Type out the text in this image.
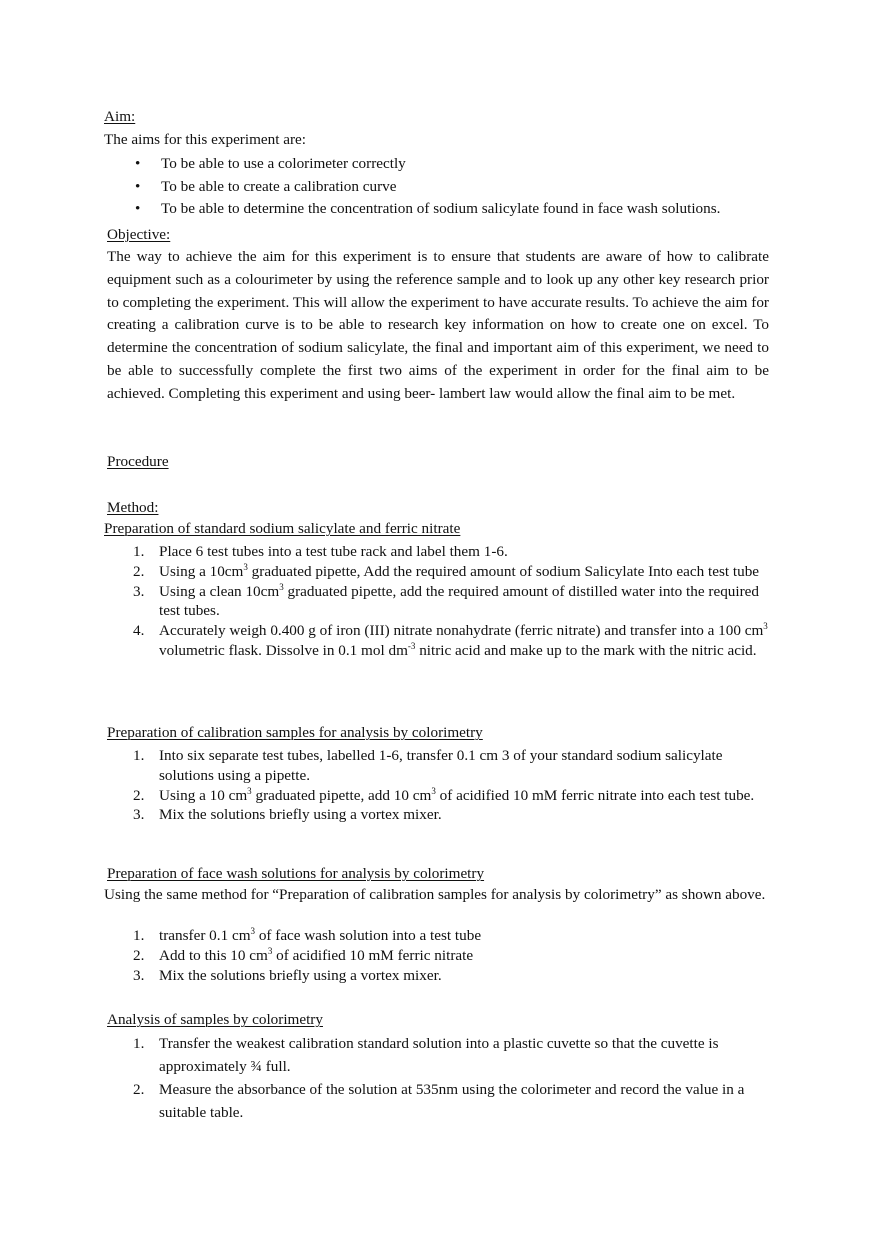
Aim:
The aims for this experiment are:
• To be able to use a colorimeter correctly
• To be able to create a calibration curve
• To be able to determine the concentration of sodium salicylate found in face wash solutions.
Objective:

The way to achieve the aim for this experiment is to ensure that students are aware of how to calibrate equipment such as a colourimeter by using the reference sample and to look up any other key research prior to completing the experiment. This will allow the experiment to have accurate results. To achieve the aim for creating a calibration curve is to be able to research key information on how to create one on excel. To determine the concentration of sodium salicylate, the final and important aim of this experiment, we need to be able to successfully complete the first two aims of the experiment in order for the final aim to be achieved. Completing this experiment and using beer- lambert law would allow the final aim to be met.

Procedure
Method:
Preparation of standard sodium salicylate and ferric nitrate
1. Place 6 test tubes into a test tube rack and label them 1-6.
2. Using a $10cm^3$ graduated pipette, Add the required amount of sodium Salicylate Into each test tube
3. Using a clean $10cm^3$ graduated pipette, add the required amount of distilled water into the required test tubes.
4. Accurately weigh 0.400 g of iron (III) nitrate nonahydrate (ferric nitrate) and transfer into a 100 $cm^3$ volumetric flask. Dissolve in 0.1 mol $dm^{-3}$ nitric acid and make up to the mark with the nitric acid.
Preparation of calibration samples for analysis by colorimetry
1. Into six separate test tubes, labelled 1-6, transfer 0.1 cm 3 of your standard sodium salicylate solutions using a pipette.
2. Using a 10 $cm^3$ graduated pipette, add 10 $cm^3$ of acidified 10 mM ferric nitrate into each test tube.
3. Mix the solutions briefly using a vortex mixer.
Preparation of face wash solutions for analysis by colorimetry

Using the same method for “Preparation of calibration samples for analysis by colorimetry” as shown above.

1. transfer 0.1 $cm^3$ of face wash solution into a test tube
2. Add to this 10 $cm^3$ of acidified 10 mM ferric nitrate
3. Mix the solutions briefly using a vortex mixer.
Analysis of samples by colorimetry
1. Transfer the weakest calibration standard solution into a plastic cuvette so that the cuvette is approximately ¾ full.
2. Measure the absorbance of the solution at 535nm using the colorimeter and record the value in a suitable table.
